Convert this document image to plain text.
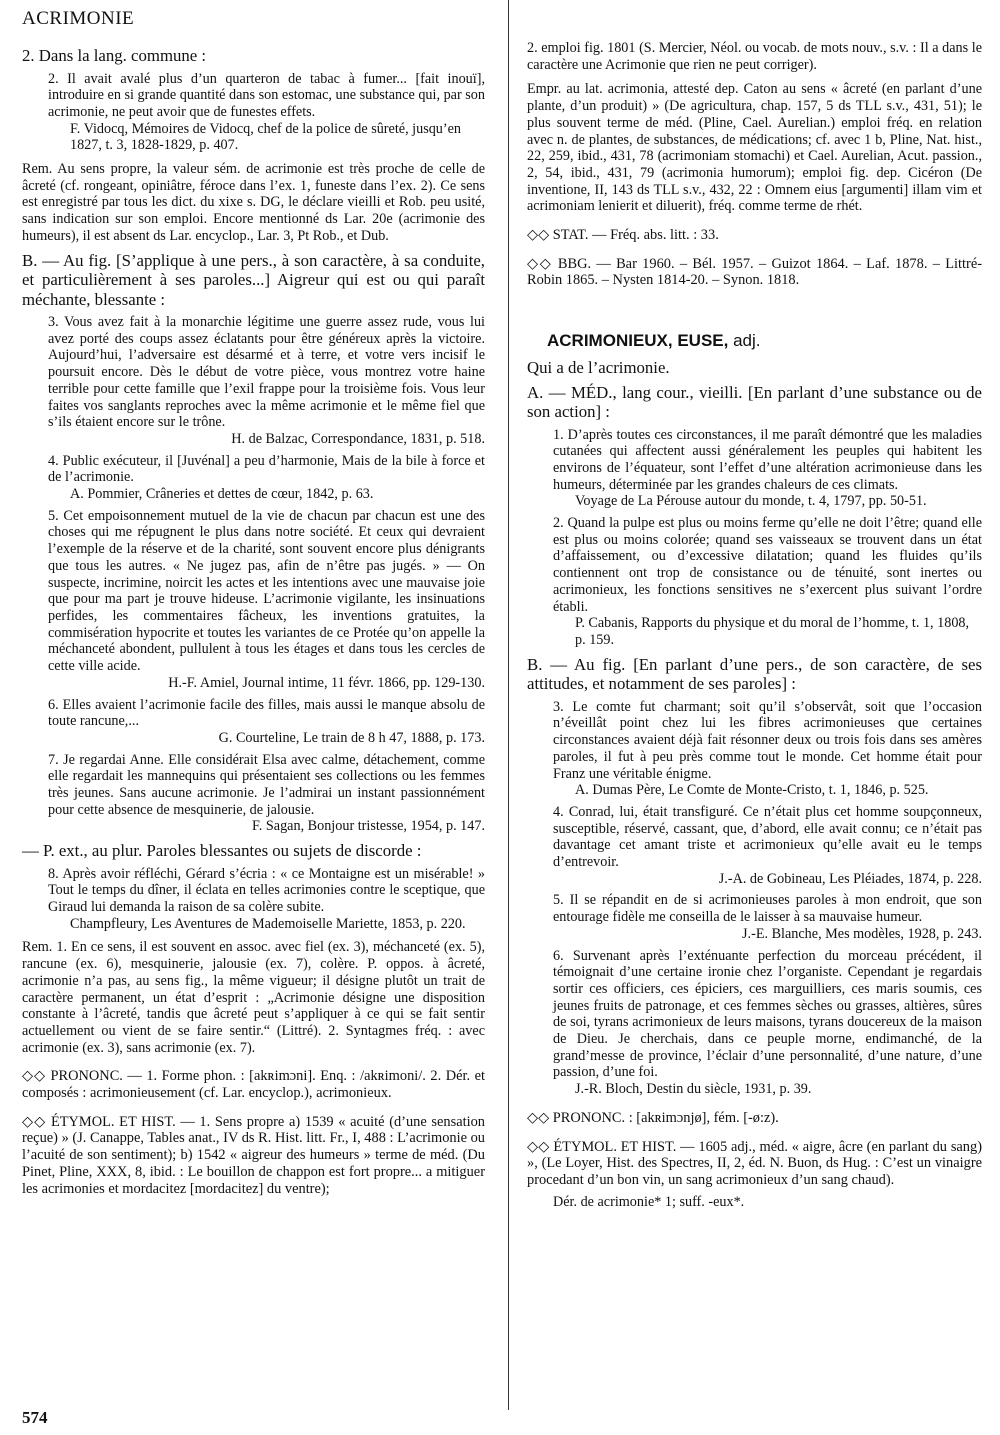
ACRIMONIE

2. Dans la lang. commune :

2. Il avait avalé plus d’un quarteron de tabac à fumer... [fait inouï], introduire en si grande quantité dans son estomac, une substance qui, par son acrimonie, ne peut avoir que de funestes effets.

F. Vidocq, Mémoires de Vidocq, chef de la police de sûreté, jusqu’en 1827, t. 3, 1828-1829, p. 407.

Rem. Au sens propre, la valeur sém. de acrimonie est très proche de celle de âcreté (cf. rongeant, opiniâtre, féroce dans l’ex. 1, funeste dans l’ex. 2). Ce sens est enregistré par tous les dict. du xixe s. DG, le déclare vieilli et Rob. peu usité, sans indication sur son emploi. Encore mentionné ds Lar. 20e (acrimonie des humeurs), il est absent ds Lar. encyclop., Lar. 3, Pt Rob., et Dub.

B. — Au fig. [S’applique à une pers., à son caractère, à sa conduite, et particulièrement à ses paroles...] Aigreur qui est ou qui paraît méchante, blessante :

3. Vous avez fait à la monarchie légitime une guerre assez rude, vous lui avez porté des coups assez éclatants pour être généreux après la victoire. Aujourd’hui, l’adversaire est désarmé et à terre, et votre vers incisif le poursuit encore. Dès le début de votre pièce, vous montrez votre haine terrible pour cette famille que l’exil frappe pour la troisième fois. Vous leur faites vos sanglants reproches avec la même acrimonie et le même fiel que s’ils étaient encore sur le trône.

H. de Balzac, Correspondance, 1831, p. 518.

4. Public exécuteur, il [Juvénal] a peu d’harmonie, Mais de la bile à force et de l’acrimonie.

A. Pommier, Crâneries et dettes de cœur, 1842, p. 63.

5. Cet empoisonnement mutuel de la vie de chacun par chacun est une des choses qui me répugnent le plus dans notre société. Et ceux qui devraient l’exemple de la réserve et de la charité, sont souvent encore plus dénigrants que tous les autres. « Ne jugez pas, afin de n’être pas jugés. » — On suspecte, incrimine, noircit les actes et les intentions avec une mauvaise joie que pour ma part je trouve hideuse. L’acrimonie vigilante, les insinuations perfides, les commentaires fâcheux, les inventions gratuites, la commisération hypocrite et toutes les variantes de ce Protée qu’on appelle la méchanceté abondent, pullulent à tous les étages et dans tous les cercles de cette ville acide.

H.-F. Amiel, Journal intime, 11 févr. 1866, pp. 129-130.

6. Elles avaient l’acrimonie facile des filles, mais aussi le manque absolu de toute rancune,...

G. Courteline, Le train de 8 h 47, 1888, p. 173.

7. Je regardai Anne. Elle considérait Elsa avec calme, détachement, comme elle regardait les mannequins qui présentaient ses collections ou les femmes très jeunes. Sans aucune acrimonie. Je l’admirai un instant passionnément pour cette absence de mesquinerie, de jalousie.

F. Sagan, Bonjour tristesse, 1954, p. 147.

— P. ext., au plur. Paroles blessantes ou sujets de discorde :

8. Après avoir réfléchi, Gérard s’écria : « ce Montaigne est un misérable! » Tout le temps du dîner, il éclata en telles acrimonies contre le sceptique, que Giraud lui demanda la raison de sa colère subite.

Champfleury, Les Aventures de Mademoiselle Mariette, 1853, p. 220.

Rem. 1. En ce sens, il est souvent en assoc. avec fiel (ex. 3), méchanceté (ex. 5), rancune (ex. 6), mesquinerie, jalousie (ex. 7), colère. P. oppos. à âcreté, acrimonie n’a pas, au sens fig., la même vigueur; il désigne plutôt un trait de caractère permanent, un état d’esprit : „Acrimonie désigne une disposition constante à l’âcreté, tandis que âcreté peut s’appliquer à ce qui se fait sentir actuellement ou vient de se faire sentir.“ (Littré). 2. Syntagmes fréq. : avec acrimonie (ex. 3), sans acrimonie (ex. 7).

◇◇ PRONONC. — 1. Forme phon. : [akʀimɔni]. Enq. : /akʀimoni/. 2. Dér. et composés : acrimonieusement (cf. Lar. encyclop.), acrimonieux.

◇◇ ÉTYMOL. ET HIST. — 1. Sens propre a) 1539 « acuité (d’une sensation reçue) » (J. Canappe, Tables anat., IV ds R. Hist. litt. Fr., I, 488 : L’acrimonie ou l’acuité de son sentiment); b) 1542 « aigreur des humeurs » terme de méd. (Du Pinet, Pline, XXX, 8, ibid. : Le bouillon de chappon est fort propre... a mitiguer les acrimonies et mordacitez [mordacitez] du ventre);

2. emploi fig. 1801 (S. Mercier, Néol. ou vocab. de mots nouv., s.v. : Il a dans le caractère une Acrimonie que rien ne peut corriger).

Empr. au lat. acrimonia, attesté dep. Caton au sens « âcreté (en parlant d’une plante, d’un produit) » (De agricultura, chap. 157, 5 ds TLL s.v., 431, 51); le plus souvent terme de méd. (Pline, Cael. Aurelian.) emploi fréq. en relation avec n. de plantes, de substances, de médications; cf. avec 1 b, Pline, Nat. hist., 22, 259, ibid., 431, 78 (acrimoniam stomachi) et Cael. Aurelian, Acut. passion., 2, 54, ibid., 431, 79 (acrimonia humorum); emploi fig. dep. Cicéron (De inventione, II, 143 ds TLL s.v., 432, 22 : Omnem eius [argumenti] illam vim et acrimoniam lenierit et diluerit), fréq. comme terme de rhét.

◇◇ STAT. — Fréq. abs. litt. : 33.

◇◇ BBG. — Bar 1960. – Bél. 1957. – Guizot 1864. – Laf. 1878. – Littré-Robin 1865. – Nysten 1814-20. – Synon. 1818.

ACRIMONIEUX, EUSE, adj.

Qui a de l’acrimonie.

A. — MÉD., lang cour., vieilli. [En parlant d’une substance ou de son action] :

1. D’après toutes ces circonstances, il me paraît démontré que les maladies cutanées qui affectent aussi généralement les peuples qui habitent les environs de l’équateur, sont l’effet d’une altération acrimonieuse dans les humeurs, déterminée par les grandes chaleurs de ces climats.

Voyage de La Pérouse autour du monde, t. 4, 1797, pp. 50-51.

2. Quand la pulpe est plus ou moins ferme qu’elle ne doit l’être; quand elle est plus ou moins colorée; quand ses vaisseaux se trouvent dans un état d’affaissement, ou d’excessive dilatation; quand les fluides qu’ils contiennent ont trop de consistance ou de ténuité, sont inertes ou acrimonieux, les fonctions sensitives ne s’exercent plus suivant l’ordre établi.

P. Cabanis, Rapports du physique et du moral de l’homme, t. 1, 1808, p. 159.

B. — Au fig. [En parlant d’une pers., de son caractère, de ses attitudes, et notamment de ses paroles] :

3. Le comte fut charmant; soit qu’il s’observât, soit que l’occasion n’éveillât point chez lui les fibres acrimonieuses que certaines circonstances avaient déjà fait résonner deux ou trois fois dans ses amères paroles, il fut à peu près comme tout le monde. Cet homme était pour Franz une véritable énigme.

A. Dumas Père, Le Comte de Monte-Cristo, t. 1, 1846, p. 525.

4. Conrad, lui, était transfiguré. Ce n’était plus cet homme soupçonneux, susceptible, réservé, cassant, que, d’abord, elle avait connu; ce n’était pas davantage cet amant triste et acrimonieux qu’elle avait eu le temps d’entrevoir.

J.-A. de Gobineau, Les Pléiades, 1874, p. 228.

5. Il se répandit en de si acrimonieuses paroles à mon endroit, que son entourage fidèle me conseilla de le laisser à sa mauvaise humeur.

J.-E. Blanche, Mes modèles, 1928, p. 243.

6. Survenant après l’exténuante perfection du morceau précédent, il témoignait d’une certaine ironie chez l’organiste. Cependant je regardais sortir ces officiers, ces épiciers, ces marguilliers, ces maris soumis, ces jeunes fruits de patronage, et ces femmes sèches ou grasses, altières, sûres de soi, tyrans acrimonieux de leurs maisons, tyrans doucereux de la maison de Dieu. Je cherchais, dans ce peuple morne, endimanché, de la grand’messe de province, l’éclair d’une personnalité, d’une nature, d’une passion, d’une foi.

J.-R. Bloch, Destin du siècle, 1931, p. 39.

◇◇ PRONONC. : [akʀimɔnjø], fém. [-ø:z).

◇◇ ÉTYMOL. ET HIST. — 1605 adj., méd. « aigre, âcre (en parlant du sang) », (Le Loyer, Hist. des Spectres, II, 2, éd. N. Buon, ds Hug. : C’est un vinaigre procedant d’un bon vin, un sang acrimonieux d’un sang chaud).

Dér. de acrimonie* 1; suff. -eux*.

574
